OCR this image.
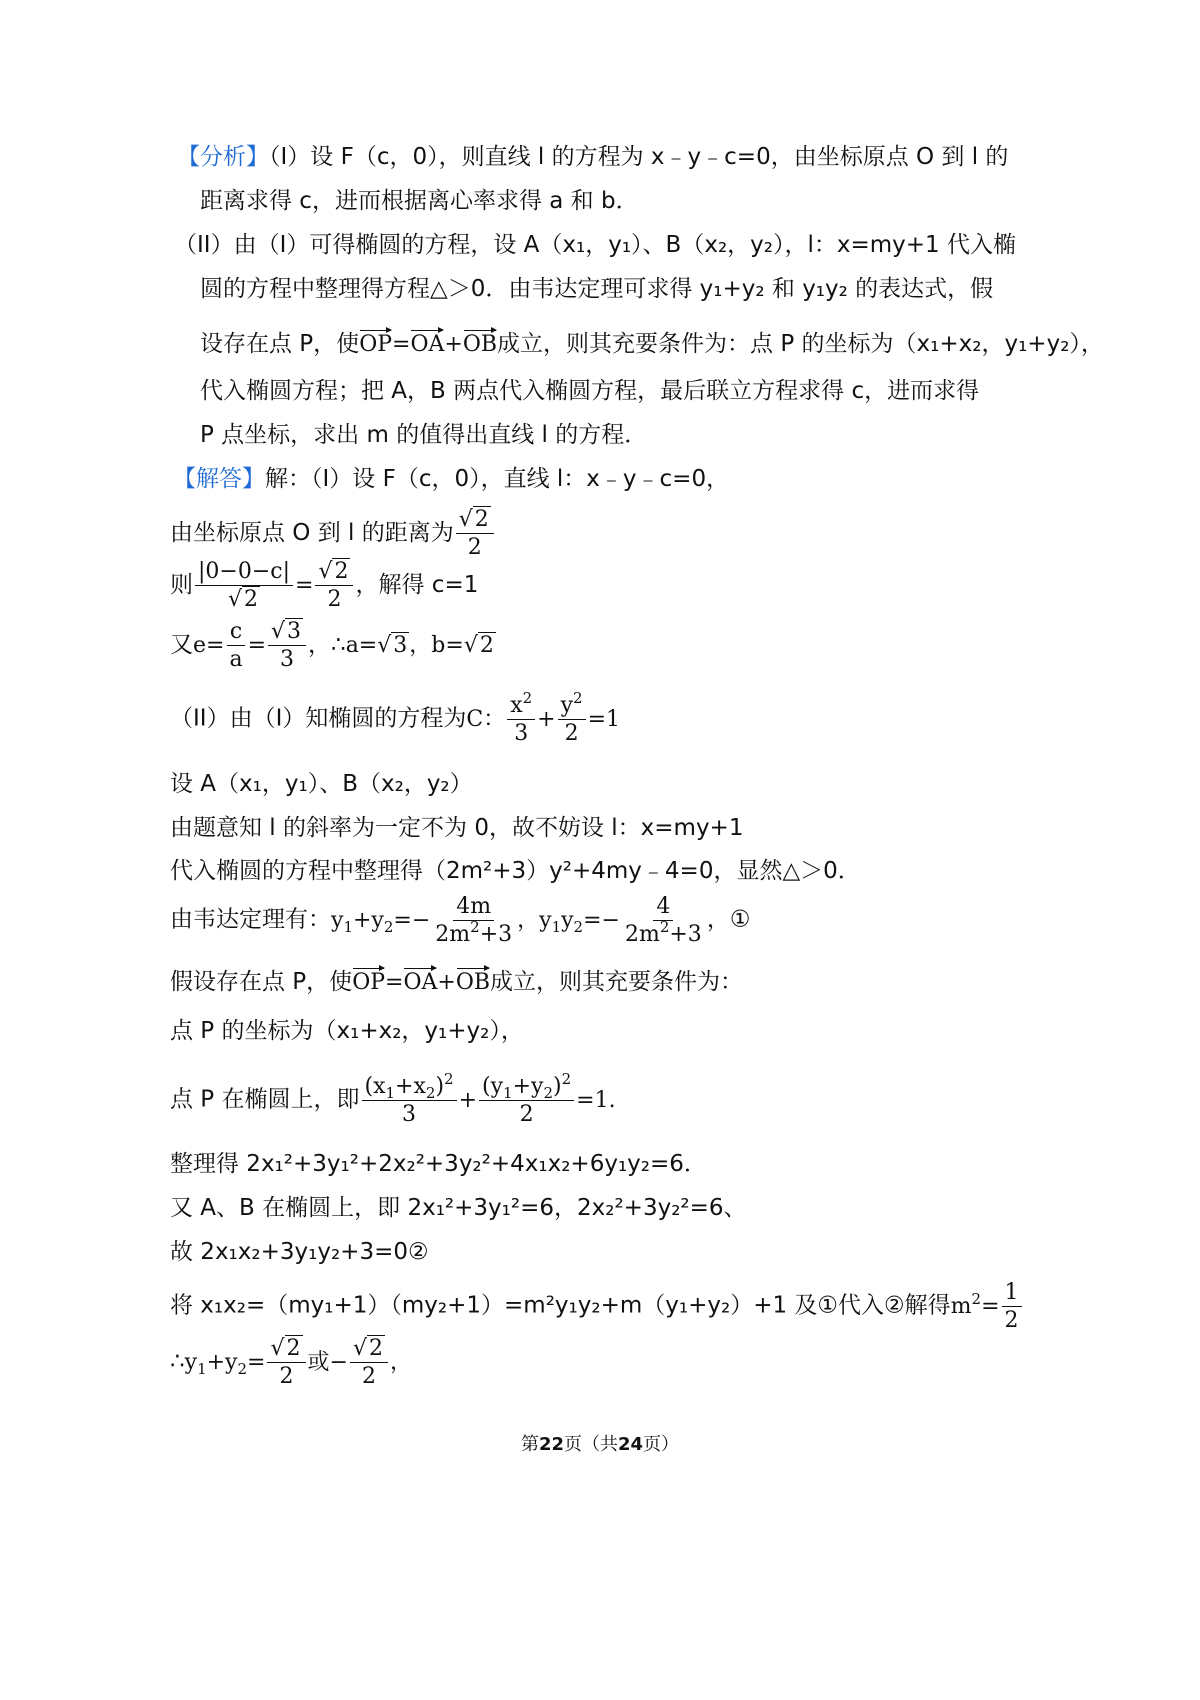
【分析】（I）设 F（c，0），则直线 l 的方程为 x﹣y﹣c=0，由坐标原点 O 到 l 的
距离求得 c，进而根据离心率求得 a 和 b．
（II）由（I）可得椭圆的方程，设 A（x₁，y₁）、B（x₂，y₂），l：x=my+1 代入椭
圆的方程中整理得方程△＞0．由韦达定理可求得 y₁+y₂ 和 y₁y₂ 的表达式，假
设存在点 P，使OP=OA+OB成立，则其充要条件为：点 P 的坐标为（x₁+x₂，y₁+y₂），
代入椭圆方程；把 A，B 两点代入椭圆方程，最后联立方程求得 c，进而求得
P 点坐标，求出 m 的值得出直线 l 的方程．
【解答】解：（I）设 F（c，0），直线 l：x﹣y﹣c=0，
由坐标原点 O 到 l 的距离为 $\frac{√2}{2}$
则 $\frac{|0-0-c|}{√2} = \frac{√2}{2}$ ，解得 c=1
又$e= \frac{c}{a} = \frac{√3}{3}$ ，∴a=√3，b=√2
（II）由（I）知椭圆的方程为C： $\frac{x^2}{3} + \frac{y^2}{2} =1$
设 A（x₁，y₁）、B（x₂，y₂）
由题意知 l 的斜率为一定不为 0，故不妨设 l：x=my+1
代入椭圆的方程中整理得（2m²+3）y²+4my﹣4=0，显然△＞0．
由韦达定理有：$y_1+y_2=- \frac{4m}{2m^2+3}$ ，$y_1y_2=- \frac{4}{2m^2+3}$ ，①
假设存在点 P，使OP=OA+OB成立，则其充要条件为：
点 P 的坐标为（x₁+x₂，y₁+y₂），
点 P 在椭圆上，即 $\frac{(x_1+x_2)^2}{3} + \frac{(y_1+y_2)^2}{2} =1$.
整理得 2x₁²+3y₁²+2x₂²+3y₂²+4x₁x₂+6y₁y₂=6．
又 A、B 在椭圆上，即 2x₁²+3y₁²=6，2x₂²+3y₂²=6、
故 2x₁x₂+3y₁y₂+3=0②
将 x₁x₂=（my₁+1）（my₂+1）=m²y₁y₂+m（y₁+y₂）+1 及①代入②解得$m^2= \frac{1}{2}$
$\therefore y_1+y_2= \frac{√2}{2}$ 或− $\frac{√2}{2}$ ，
第22页（共24页）
